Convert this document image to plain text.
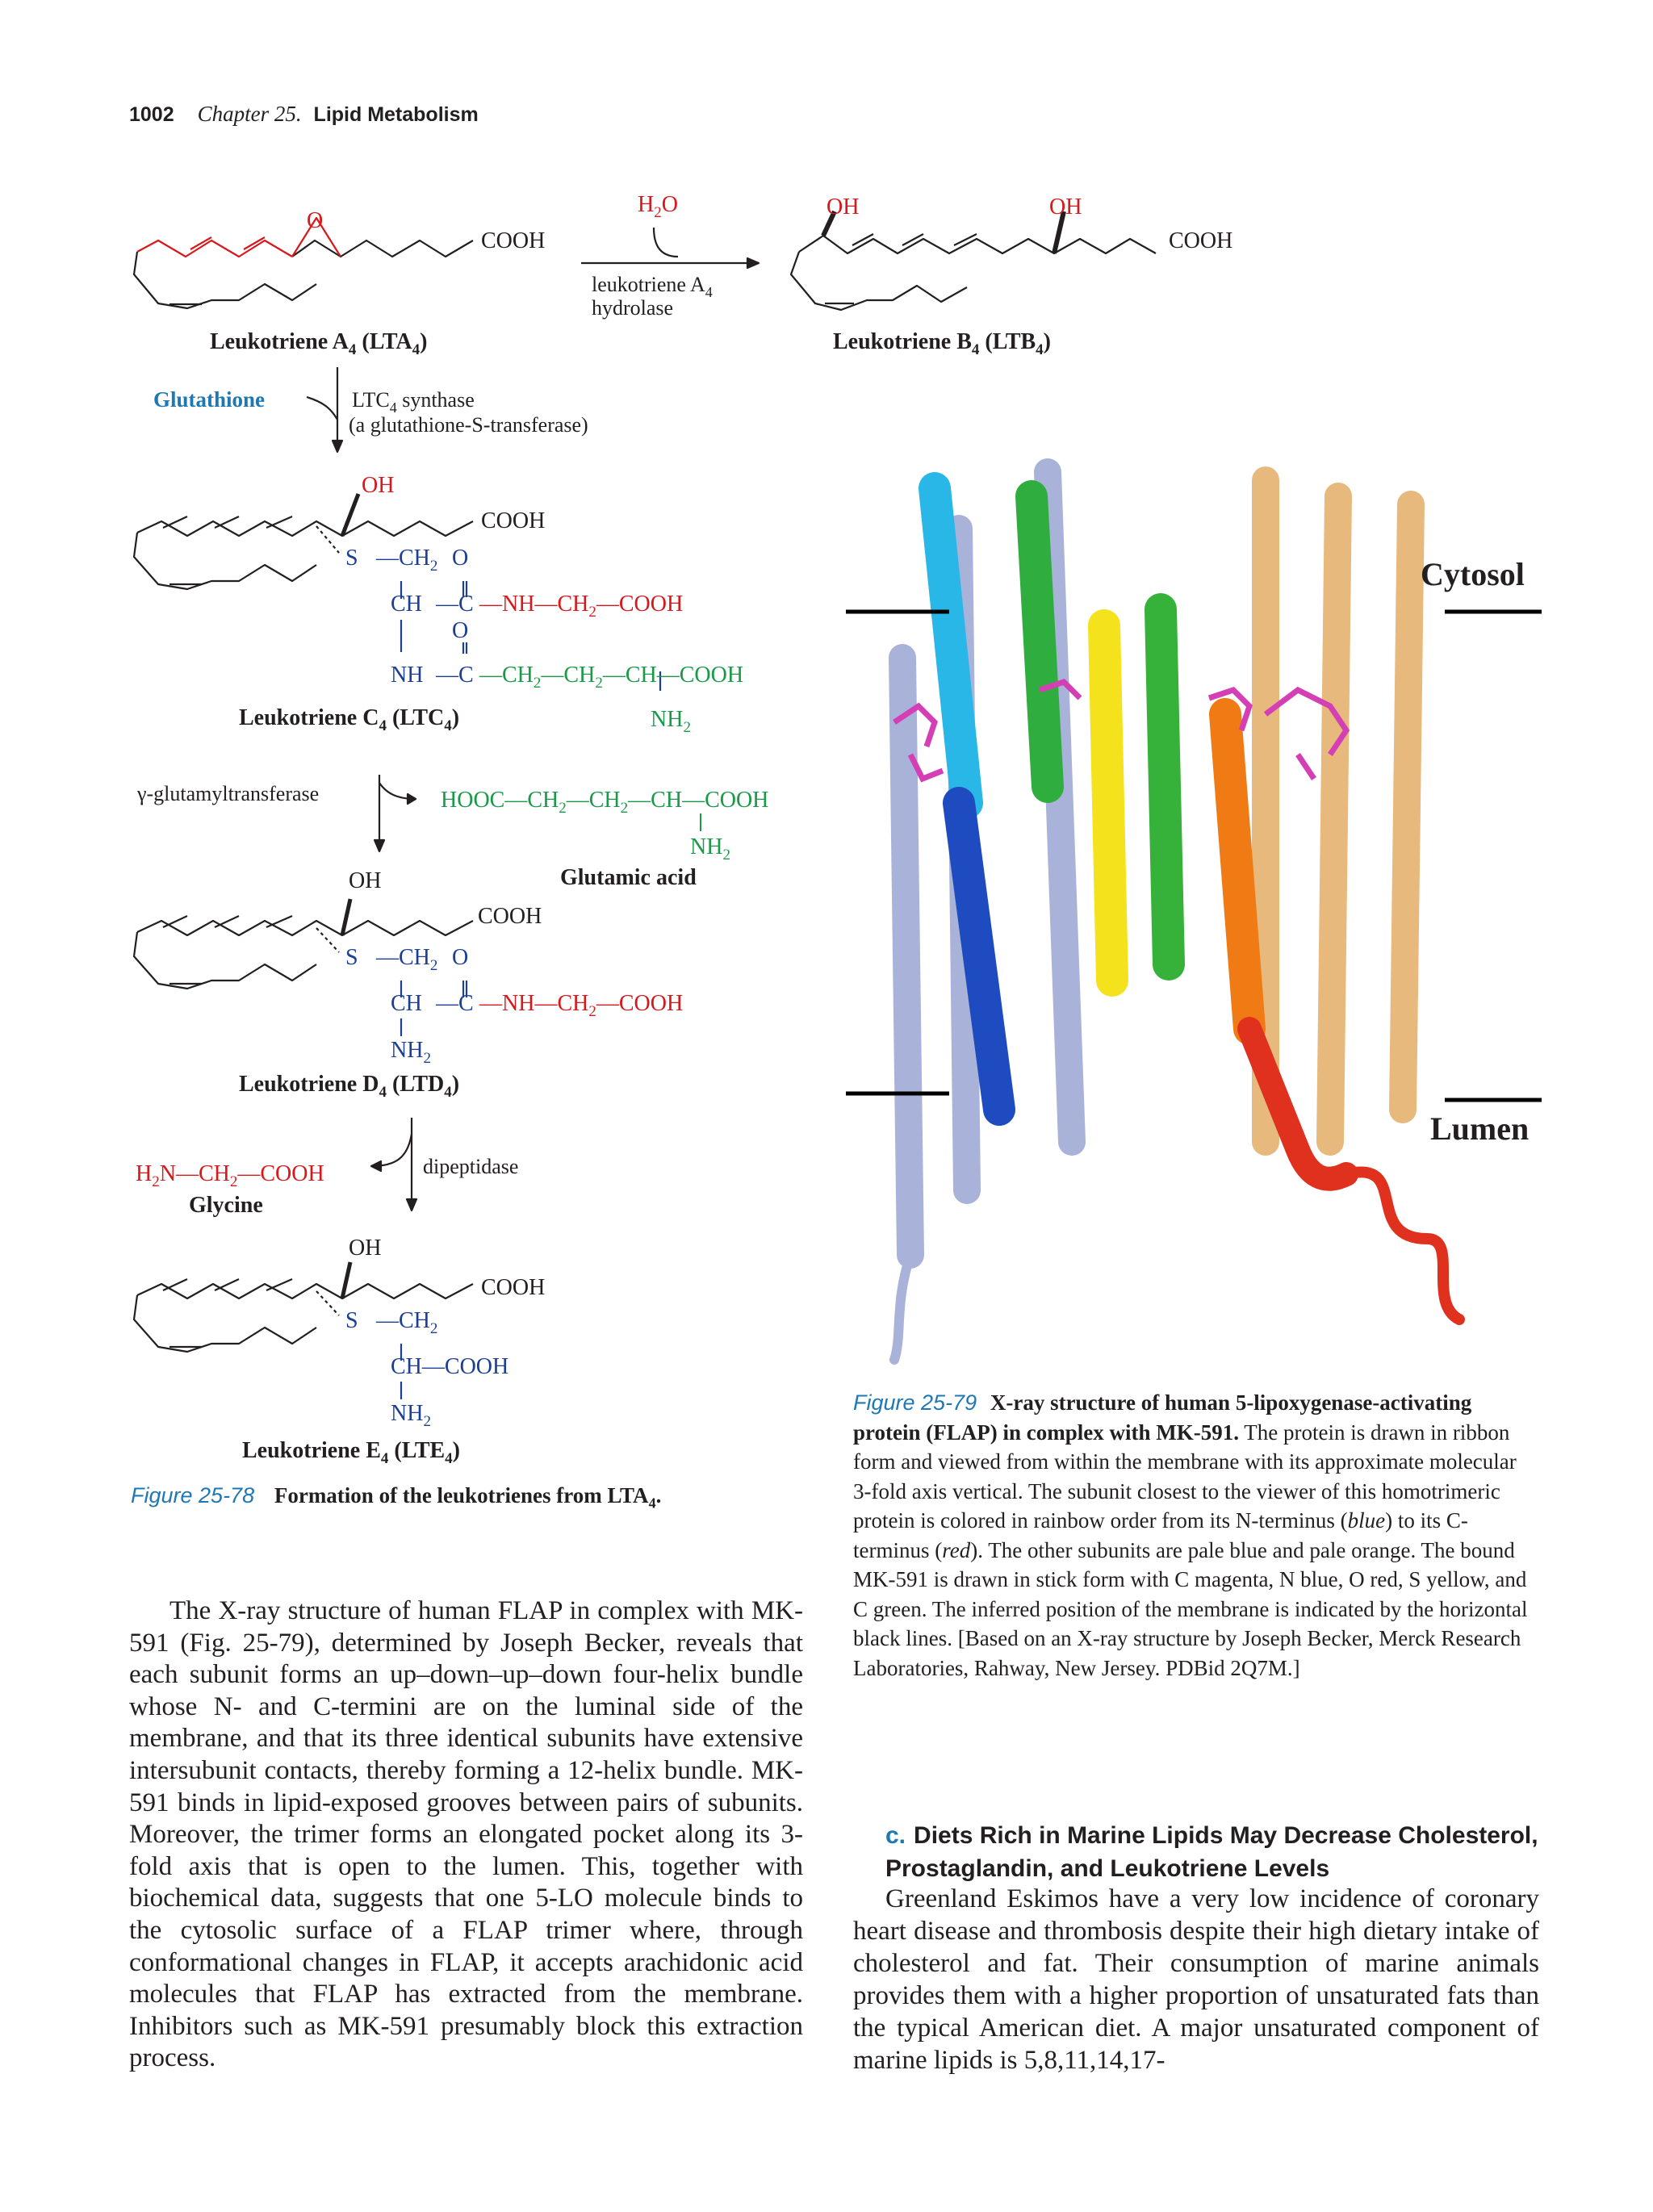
1002 Chapter 25. Lipid Metabolism
COOH
O
Leukotriene $A_4$ $(LTA_4)$
$H_2O$
leukotriene $A_4$
hydrolase
OH	OH
COOH
Leukotriene $B_4$ $(LTB_4)$
Glutathione	$LTC_4$ synthase
(a glutathione-S-transferase)
OH
COOH
S $—CH_2$
CH
NH
O
—C
O
—C
$—NH—CH_2—COOH$
$—CH_2—CH_2—CH—COOH$
$NH_2$
Leukotriene $C_4$ $(LTC_4)$
γ-glutamyltransferase	$HOOC—CH_2—CH_2—CH—COOH$
$NH_2$
Glutamic acid
OH
COOH
S $—CH_2$
CH
$NH_2$
O
—C $—NH—CH_2—COOH$
Leukotriene $D_4$ $(LTD_4)$
dipeptidase
$H_2N—CH_2—COOH$
Glycine
OH
COOH
S $—CH_2$
CH—COOH
$NH_2$
Leukotriene $E_4$ $(LTE_4)$
Cytosol
Lumen
Figure 25-78 Formation of the leukotrienes from $LTA_4$.
Figure 25-79 X-ray structure of human 5-lipoxygenase-activating protein (FLAP) in complex with MK-591. The protein is drawn in ribbon form and viewed from within the membrane with its approximate molecular 3-fold axis vertical. The subunit closest to the viewer of this homotrimeric protein is colored in rainbow order from its N-terminus (blue) to its C-terminus (red). The other subunits are pale blue and pale orange. The bound MK-591 is drawn in stick form with C magenta, N blue, O red, S yellow, and C green. The inferred position of the membrane is indicated by the horizontal black lines. [Based on an X-ray structure by Joseph Becker, Merck Research Laboratories, Rahway, New Jersey. PDBid 2Q7M.]
The X-ray structure of human FLAP in complex with MK-591 (Fig. 25-79), determined by Joseph Becker, reveals that each subunit forms an up–down–up–down four-helix bundle whose N- and C-termini are on the luminal side of the membrane, and that its three identical subunits have extensive intersubunit contacts, thereby forming a 12-helix bundle. MK-591 binds in lipid-exposed grooves between pairs of subunits. Moreover, the trimer forms an elongated pocket along its 3-fold axis that is open to the lumen. This, together with biochemical data, suggests that one 5-LO molecule binds to the cytosolic surface of a FLAP trimer where, through conformational changes in FLAP, it accepts arachidonic acid molecules that FLAP has extracted from the membrane. Inhibitors such as MK-591 presumably block this extraction process.
c. Diets Rich in Marine Lipids May Decrease Cholesterol, Prostaglandin, and Leukotriene Levels
Greenland Eskimos have a very low incidence of coronary heart disease and thrombosis despite their high dietary intake of cholesterol and fat. Their consumption of marine animals provides them with a higher proportion of unsaturated fats than the typical American diet. A major unsaturated component of marine lipids is 5,8,11,14,17-
